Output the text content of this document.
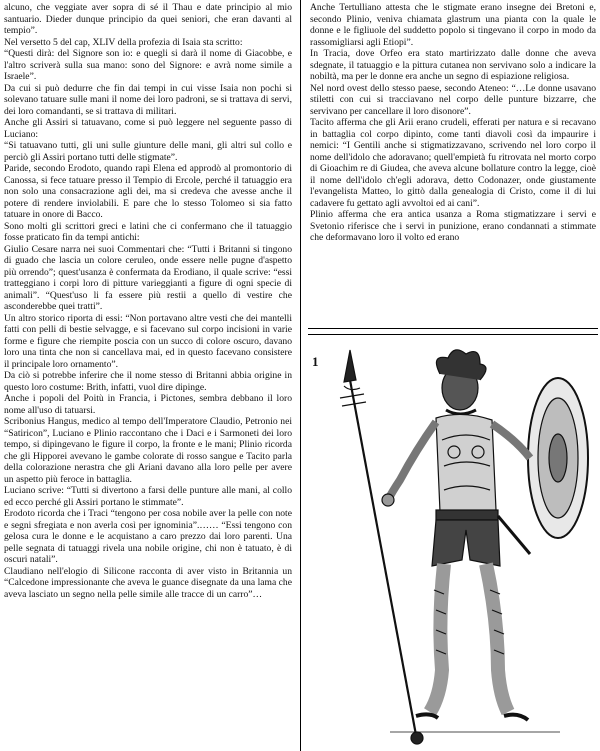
alcuno, che veggiate aver sopra di sé il Thau e date principio al mio santuario. Dieder dunque principio da quei seniori, che eran davanti al tempio”.

Nel versetto 5 del cap, XLIV della profezia di Isaia sta scritto:

“Questi dirà: del Signore son io: e quegli si darà il nome di Giacobbe, e l'altro scriverà sulla sua mano: sono del Signore: e avrà nome simile a Israele”.

Da cui si può dedurre che fin dai tempi in cui visse Isaia non pochi si solevano tatuare sulle mani il nome dei loro padroni, se si trattava di servi, dei loro comandanti, se si trattava di militari.

Anche gli Assiri si tatuavano, come si può leggere nel seguente passo di Luciano:

“Si tatuavano tutti, gli uni sulle giunture delle mani, gli altri sul collo e perciò gli Assiri portano tutti delle stigmate”.

Paride, secondo Erodoto, quando rapì Elena ed approdò al promontorio di Canossa, si fece tatuare presso il Tempio di Ercole, perché il tatuaggio era non solo una consacrazione agli dei, ma si credeva che avesse anche il potere di rendere inviolabili. E pare che lo stesso Tolomeo si sia fatto tatuare in onore di Bacco.

Sono molti gli scrittori greci e latini che ci confermano che il tatuaggio fosse praticato fin da tempi antichi:

Giulio Cesare narra nei suoi Commentari che: “Tutti i Britanni si tingono di guado che lascia un colore ceruleo, onde essere nelle pugne d'aspetto più orrendo”; quest'usanza è confermata da Erodiano, il quale scrive: “essi tratteggiano i corpi loro di pitture varieggianti a figure di ogni specie di animali”. “Quest'uso li fa essere più restii a quello di vestire che asconderebbe quei tratti”.

Un altro storico riporta di essi: “Non portavano altre vesti che dei mantelli fatti con pelli di bestie selvagge, e si facevano sul corpo incisioni in varie forme e figure che riempite poscia con un succo di colore oscuro, davano loro una tinta che non si cancellava mai, ed in questo facevano consistere il principale loro ornamento”.

Da ciò si potrebbe inferire che il nome stesso di Britanni abbia origine in questo loro costume: Brith, infatti, vuol dire dipinge.

Anche i popoli del Poitù in Francia, i Pictones, sembra debbano il loro nome all'uso di tatuarsi.

Scribonius Hangus, medico al tempo dell'Imperatore Claudio, Petronio nei “Satiricon”, Luciano e Plinio raccontano che i Daci e i Sarmoneti dei loro tempo, si dipingevano le figure il corpo, la fronte e le mani; Plinio ricorda che gli Hipporei avevano le gambe colorate di rosso sangue e Tacito parla della colorazione nerastra che gli Ariani davano alla loro pelle per avere un aspetto più feroce in battaglia.

Luciano scrive: “Tutti si divertono a farsi delle punture alle mani, al collo ed ecco perché gli Assiri portano le stimmate”.

Erodoto ricorda che i Traci “tengono per cosa nobile aver la pelle con note e segni sfregiata e non averla così per ignominia”.…… “Essi tengono con gelosa cura le donne e le acquistano a caro prezzo dai loro parenti. Una pelle segnata di tatuaggi rivela una nobile origine, chi non è tatuato, è di oscuri natali”.

Claudiano nell'elogio di Silicone racconta di aver visto in Britannia un “Calcedone impressionante che aveva le guance disegnate da una lama che aveva lasciato un segno nella pelle simile alle tracce di un carro”…

Anche Tertulliano attesta che le stigmate erano insegne dei Bretoni e, secondo Plinio, veniva chiamata glastrum una pianta con la quale le donne e le figliuole del suddetto popolo si tingevano il corpo in modo da rassomigliarsi agli Etiopi”.

In Tracia, dove Orfeo era stato martirizzato dalle donne che aveva sdegnate, il tatuaggio e la pittura cutanea non servivano solo a indicare la nobiltà, ma per le donne era anche un segno di espiazione religiosa.

Nel nord ovest dello stesso paese, secondo Ateneo: “…Le donne usavano stiletti con cui si tracciavano nel corpo delle punture bizzarre, che servivano per cancellare il loro disonore”.

Tacito afferma che gli Arii erano crudeli, efferati per natura e si recavano in battaglia col corpo dipinto, come tanti diavoli così da impaurire i nemici: “I Gentili anche si stigmatizzavano, scrivendo nel loro corpo il nome dell'idolo che adoravano; quell'empietà fu ritrovata nel morto corpo di Gioachim re di Giudea, che aveva alcune bollature contro la legge, cioè il nome dell'idolo ch'egli adorava, detto Codonazer, onde giustamente l'evangelista Matteo, lo gittò dalla genealogia di Cristo, come il di lui cadavere fu gettato agli avvoltoi ed ai cani”.

Plinio afferma che era antica usanza a Roma stigmatizzare i servi e Svetonio riferisce che i servi in punizione, erano condannati a stimmate che deformavano loro il volto ed erano

1
